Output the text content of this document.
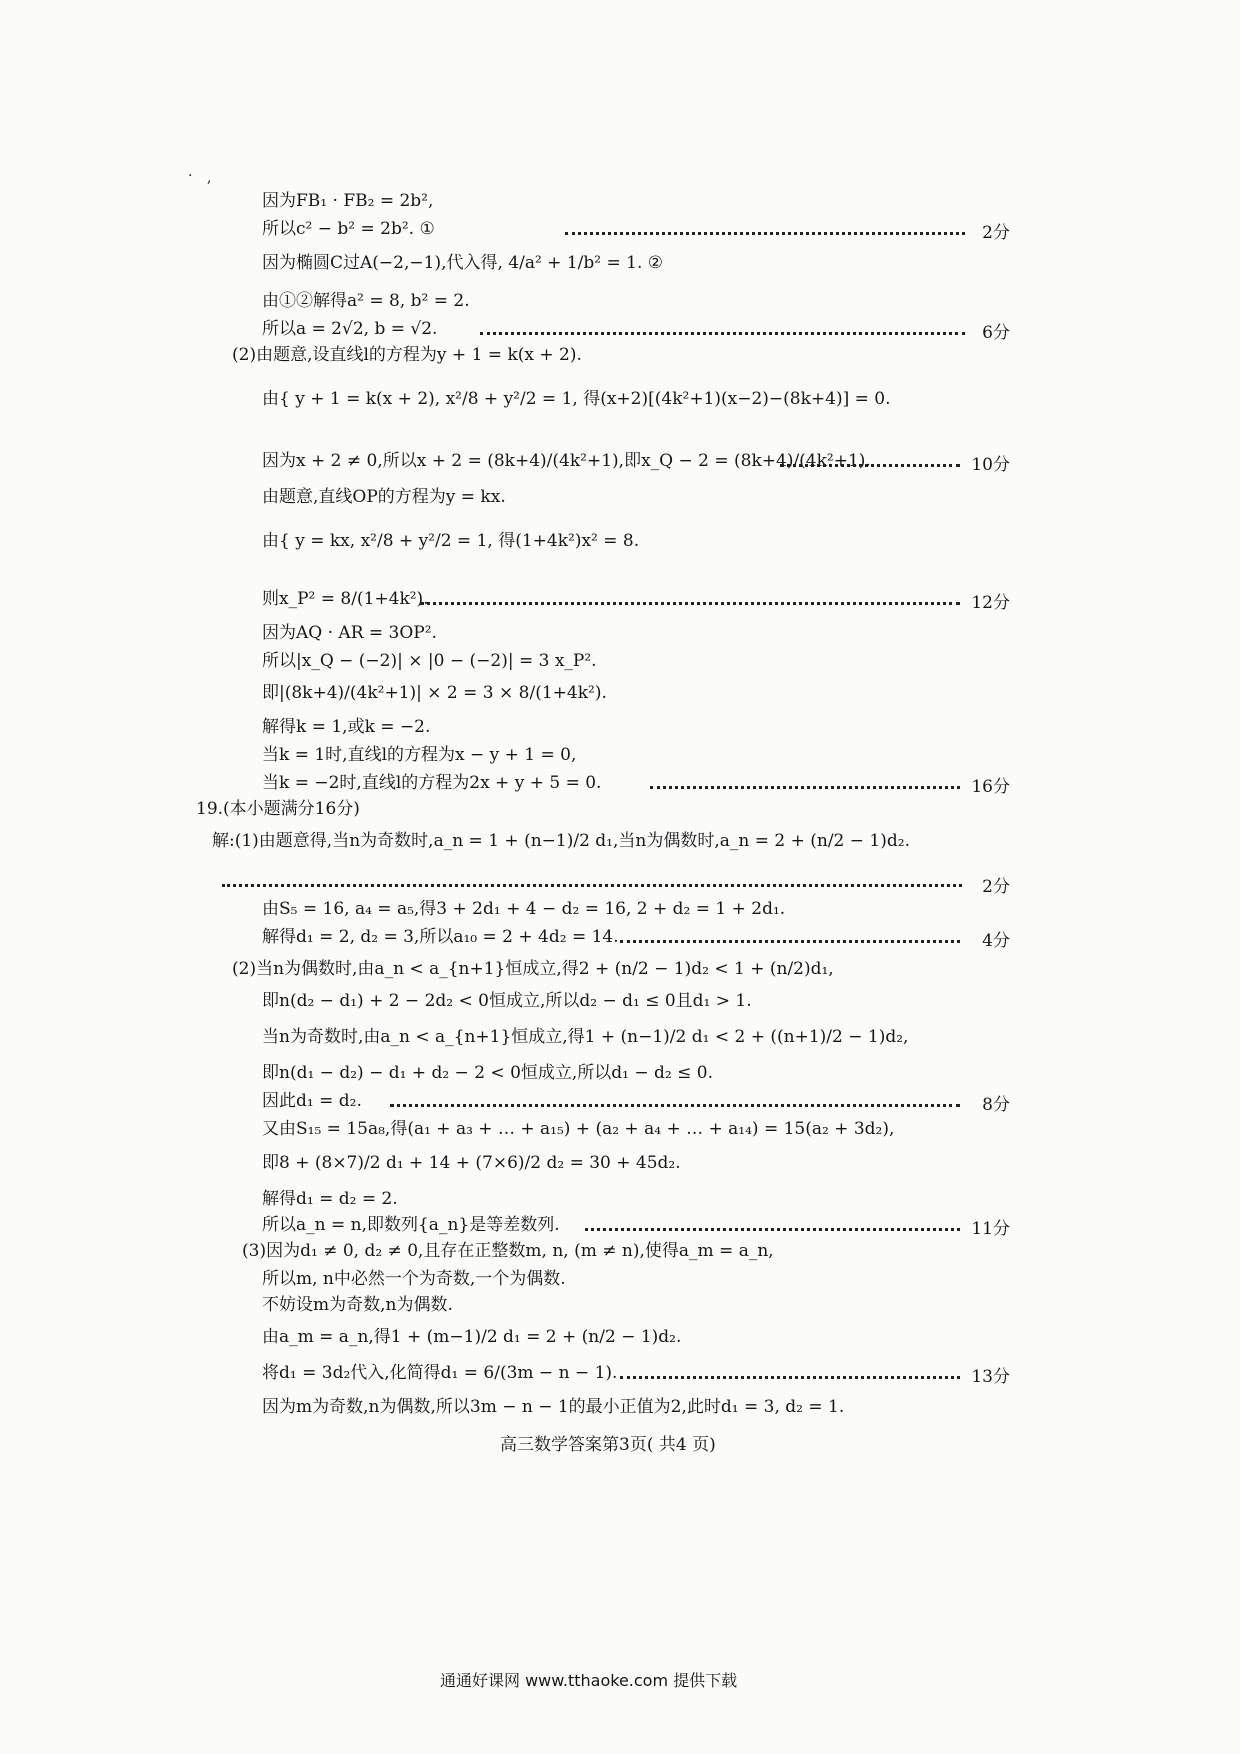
· ,
因为FB₁ · FB₂ = 2b²,
所以c² − b² = 2b². ①	2分
因为椭圆C过A(−2,−1),代入得, 4/a² + 1/b² = 1. ②
由①②解得a² = 8, b² = 2.
所以a = 2√2, b = √2.	6分
(2)由题意,设直线l的方程为y + 1 = k(x + 2).
由{ y + 1 = k(x + 2), x²/8 + y²/2 = 1, 得(x+2)[(4k²+1)(x−2)−(8k+4)] = 0.
因为x + 2 ≠ 0,所以x + 2 = (8k+4)/(4k²+1),即x_Q − 2 = (8k+4)/(4k²+1).	10分
由题意,直线OP的方程为y = kx.
由{ y = kx, x²/8 + y²/2 = 1, 得(1+4k²)x² = 8.
则x_P² = 8/(1+4k²).	12分
因为AQ · AR = 3OP².
所以|x_Q − (−2)| × |0 − (−2)| = 3 x_P².
即|(8k+4)/(4k²+1)| × 2 = 3 × 8/(1+4k²).
解得k = 1,或k = −2.
当k = 1时,直线l的方程为x − y + 1 = 0,
当k = −2时,直线l的方程为2x + y + 5 = 0.	16分
19.(本小题满分16分)
解:(1)由题意得,当n为奇数时,a_n = 1 + (n−1)/2 d₁,当n为偶数时,a_n = 2 + (n/2 − 1)d₂.
2分
由S₅ = 16, a₄ = a₅,得3 + 2d₁ + 4 − d₂ = 16, 2 + d₂ = 1 + 2d₁.
解得d₁ = 2, d₂ = 3,所以a₁₀ = 2 + 4d₂ = 14.	4分
(2)当n为偶数时,由a_n < a_{n+1}恒成立,得2 + (n/2 − 1)d₂ < 1 + (n/2)d₁,
即n(d₂ − d₁) + 2 − 2d₂ < 0恒成立,所以d₂ − d₁ ≤ 0且d₁ > 1.
当n为奇数时,由a_n < a_{n+1}恒成立,得1 + (n−1)/2 d₁ < 2 + ((n+1)/2 − 1)d₂,
即n(d₁ − d₂) − d₁ + d₂ − 2 < 0恒成立,所以d₁ − d₂ ≤ 0.
因此d₁ = d₂.	8分
又由S₁₅ = 15a₈,得(a₁ + a₃ + … + a₁₅) + (a₂ + a₄ + … + a₁₄) = 15(a₂ + 3d₂),
即8 + (8×7)/2 d₁ + 14 + (7×6)/2 d₂ = 30 + 45d₂.
解得d₁ = d₂ = 2.
所以a_n = n,即数列{a_n}是等差数列.	11分
(3)因为d₁ ≠ 0, d₂ ≠ 0,且存在正整数m, n, (m ≠ n),使得a_m = a_n,
所以m, n中必然一个为奇数,一个为偶数.
不妨设m为奇数,n为偶数.
由a_m = a_n,得1 + (m−1)/2 d₁ = 2 + (n/2 − 1)d₂.
将d₁ = 3d₂代入,化简得d₁ = 6/(3m − n − 1).	13分
因为m为奇数,n为偶数,所以3m − n − 1的最小正值为2,此时d₁ = 3, d₂ = 1.
高三数学答案第3页( 共4 页)
通通好课网 www.tthaoke.com 提供下载
